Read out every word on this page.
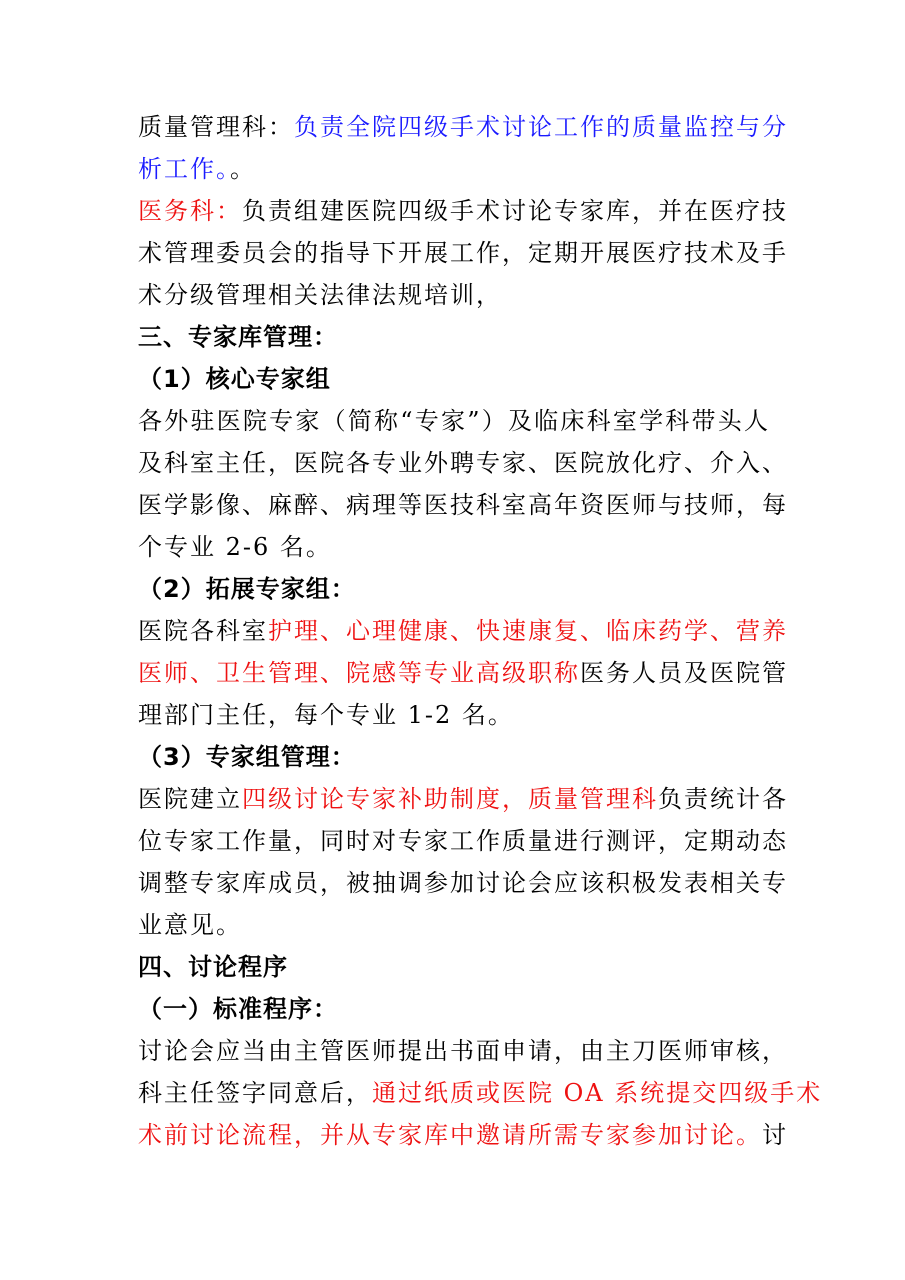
质量管理科：负责全院四级手术讨论工作的质量监控与分

析工作。。

医务科：负责组建医院四级手术讨论专家库，并在医疗技

术管理委员会的指导下开展工作，定期开展医疗技术及手

术分级管理相关法律法规培训，

三、专家库管理：

（1）核心专家组

各外驻医院专家（简称“专家”）及临床科室学科带头人

及科室主任，医院各专业外聘专家、医院放化疗、介入、

医学影像、麻醉、病理等医技科室高年资医师与技师，每

个专业 2-6 名。

（2）拓展专家组：

医院各科室护理、心理健康、快速康复、临床药学、营养

医师、卫生管理、院感等专业高级职称医务人员及医院管

理部门主任，每个专业 1-2 名。

（3）专家组管理：

医院建立四级讨论专家补助制度，质量管理科负责统计各

位专家工作量，同时对专家工作质量进行测评，定期动态

调整专家库成员，被抽调参加讨论会应该积极发表相关专

业意见。

四、讨论程序

（一）标准程序：

讨论会应当由主管医师提出书面申请，由主刀医师审核，

科主任签字同意后，通过纸质或医院 OA 系统提交四级手术

术前讨论流程，并从专家库中邀请所需专家参加讨论。讨
